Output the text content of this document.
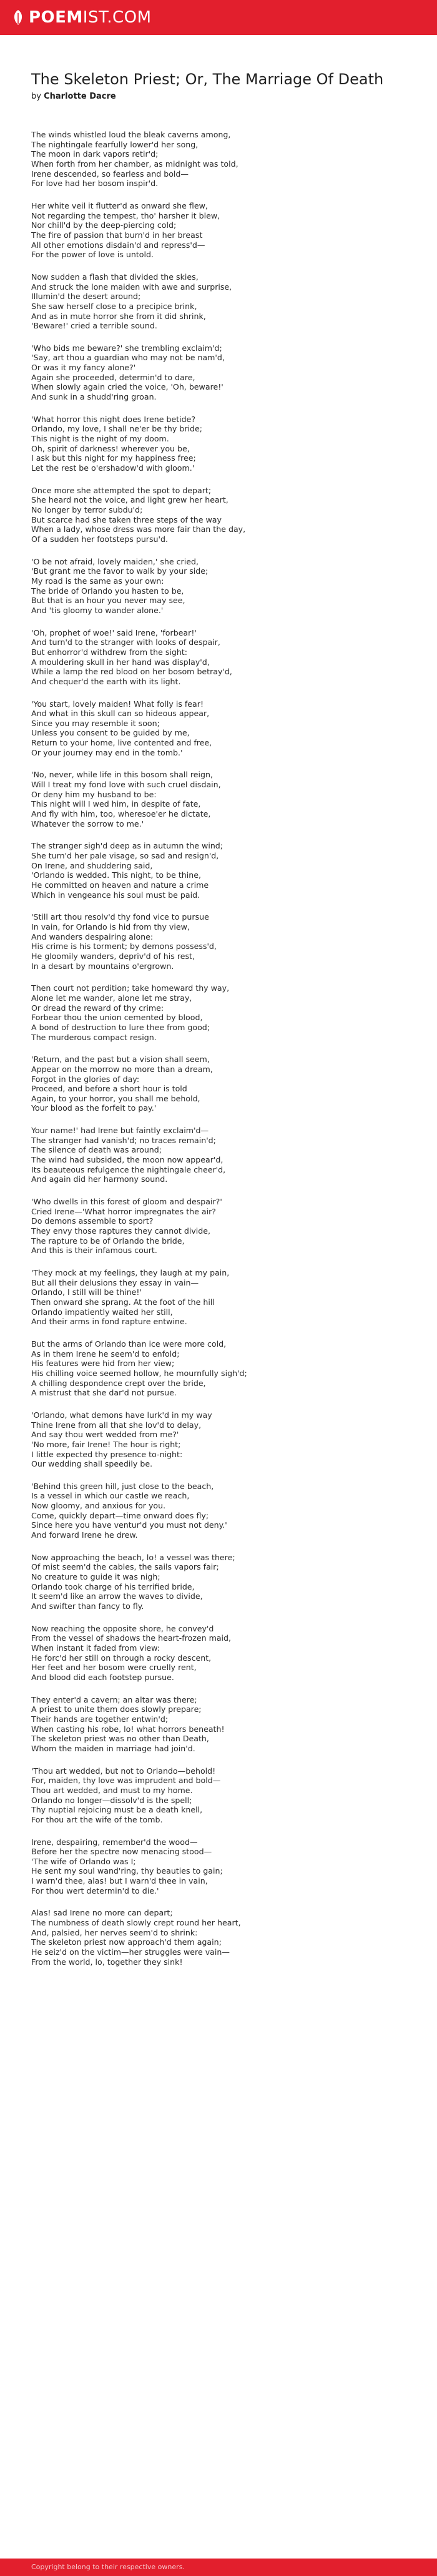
POEMIST.COM
The Skeleton Priest; Or, The Marriage Of Death
by Charlotte Dacre
The winds whistled loud the bleak caverns among,
The nightingale fearfully lower'd her song,
The moon in dark vapors retir'd;
When forth from her chamber, as midnight was told,
Irene descended, so fearless and bold—
For love had her bosom inspir'd.
Her white veil it flutter'd as onward she flew,
Not regarding the tempest, tho' harsher it blew,
Nor chill'd by the deep-piercing cold;
The fire of passion that burn'd in her breast
All other emotions disdain'd and repress'd—
For the power of love is untold.
Now sudden a flash that divided the skies,
And struck the lone maiden with awe and surprise,
Illumin'd the desert around;
She saw herself close to a precipice brink,
And as in mute horror she from it did shrink,
'Beware!' cried a terrible sound.
'Who bids me beware?' she trembling exclaim'd;
'Say, art thou a guardian who may not be nam'd,
Or was it my fancy alone?'
Again she proceeded, determin'd to dare,
When slowly again cried the voice, 'Oh, beware!'
And sunk in a shudd'ring groan.
'What horror this night does Irene betide?
Orlando, my love, I shall ne'er be thy bride;
This night is the night of my doom.
Oh, spirit of darkness! wherever you be,
I ask but this night for my happiness free;
Let the rest be o'ershadow'd with gloom.'
Once more she attempted the spot to depart;
She heard not the voice, and light grew her heart,
No longer by terror subdu'd;
But scarce had she taken three steps of the way
When a lady, whose dress was more fair than the day,
Of a sudden her footsteps pursu'd.
'O be not afraid, lovely maiden,' she cried,
'But grant me the favor to walk by your side;
My road is the same as your own:
The bride of Orlando you hasten to be,
But that is an hour you never may see,
And 'tis gloomy to wander alone.'
'Oh, prophet of woe!' said Irene, 'forbear!'
And turn'd to the stranger with looks of despair,
But enhorror'd withdrew from the sight:
A mouldering skull in her hand was display'd,
While a lamp the red blood on her bosom betray'd,
And chequer'd the earth with its light.
'You start, lovely maiden! What folly is fear!
And what in this skull can so hideous appear,
Since you may resemble it soon;
Unless you consent to be guided by me,
Return to your home, live contented and free,
Or your journey may end in the tomb.'
'No, never, while life in this bosom shall reign,
Will I treat my fond love with such cruel disdain,
Or deny him my husband to be:
This night will I wed him, in despite of fate,
And fly with him, too, wheresoe'er he dictate,
Whatever the sorrow to me.'
The stranger sigh'd deep as in autumn the wind;
She turn'd her pale visage, so sad and resign'd,
On Irene, and shuddering said,
'Orlando is wedded. This night, to be thine,
He committed on heaven and nature a crime
Which in vengeance his soul must be paid.
'Still art thou resolv'd thy fond vice to pursue
In vain, for Orlando is hid from thy view,
And wanders despairing alone:
His crime is his torment; by demons possess'd,
He gloomily wanders, depriv'd of his rest,
In a desart by mountains o'ergrown.
Then court not perdition; take homeward thy way,
Alone let me wander, alone let me stray,
Or dread the reward of thy crime:
Forbear thou the union cemented by blood,
A bond of destruction to lure thee from good;
The murderous compact resign.
'Return, and the past but a vision shall seem,
Appear on the morrow no more than a dream,
Forgot in the glories of day:
Proceed, and before a short hour is told
Again, to your horror, you shall me behold,
Your blood as the forfeit to pay.'
Your name!' had Irene but faintly exclaim'd—
The stranger had vanish'd; no traces remain'd;
The silence of death was around;
The wind had subsided, the moon now appear'd,
Its beauteous refulgence the nightingale cheer'd,
And again did her harmony sound.
'Who dwells in this forest of gloom and despair?'
Cried Irene—'What horror impregnates the air?
Do demons assemble to sport?
They envy those raptures they cannot divide,
The rapture to be of Orlando the bride,
And this is their infamous court.
'They mock at my feelings, they laugh at my pain,
But all their delusions they essay in vain—
Orlando, I still will be thine!'
Then onward she sprang. At the foot of the hill
Orlando impatiently waited her still,
And their arms in fond rapture entwine.
But the arms of Orlando than ice were more cold,
As in them Irene he seem'd to enfold;
His features were hid from her view;
His chilling voice seemed hollow, he mournfully sigh'd;
A chilling despondence crept over the bride,
A mistrust that she dar'd not pursue.
'Orlando, what demons have lurk'd in my way
Thine Irene from all that she lov'd to delay,
And say thou wert wedded from me?'
'No more, fair Irene! The hour is right;
I little expected thy presence to-night:
Our wedding shall speedily be.
'Behind this green hill, just close to the beach,
Is a vessel in which our castle we reach,
Now gloomy, and anxious for you.
Come, quickly depart—time onward does fly;
Since here you have ventur'd you must not deny.'
And forward Irene he drew.
Now approaching the beach, lo! a vessel was there;
Of mist seem'd the cables, the sails vapors fair;
No creature to guide it was nigh;
Orlando took charge of his terrified bride,
It seem'd like an arrow the waves to divide,
And swifter than fancy to fly.
Now reaching the opposite shore, he convey'd
From the vessel of shadows the heart-frozen maid,
When instant it faded from view:
He forc'd her still on through a rocky descent,
Her feet and her bosom were cruelly rent,
And blood did each footstep pursue.
They enter'd a cavern; an altar was there;
A priest to unite them does slowly prepare;
Their hands are together entwin'd;
When casting his robe, lo! what horrors beneath!
The skeleton priest was no other than Death,
Whom the maiden in marriage had join'd.
'Thou art wedded, but not to Orlando—behold!
For, maiden, thy love was imprudent and bold—
Thou art wedded, and must to my home.
Orlando no longer—dissolv'd is the spell;
Thy nuptial rejoicing must be a death knell,
For thou art the wife of the tomb.
Irene, despairing, remember'd the wood—
Before her the spectre now menacing stood—
'The wife of Orlando was I;
He sent my soul wand'ring, thy beauties to gain;
I warn'd thee, alas! but I warn'd thee in vain,
For thou wert determin'd to die.'
Alas! sad Irene no more can depart;
The numbness of death slowly crept round her heart,
And, palsied, her nerves seem'd to shrink:
The skeleton priest now approach'd them again;
He seiz'd on the victim—her struggles were vain—
From the world, lo, together they sink!
Copyright belong to their respective owners.
